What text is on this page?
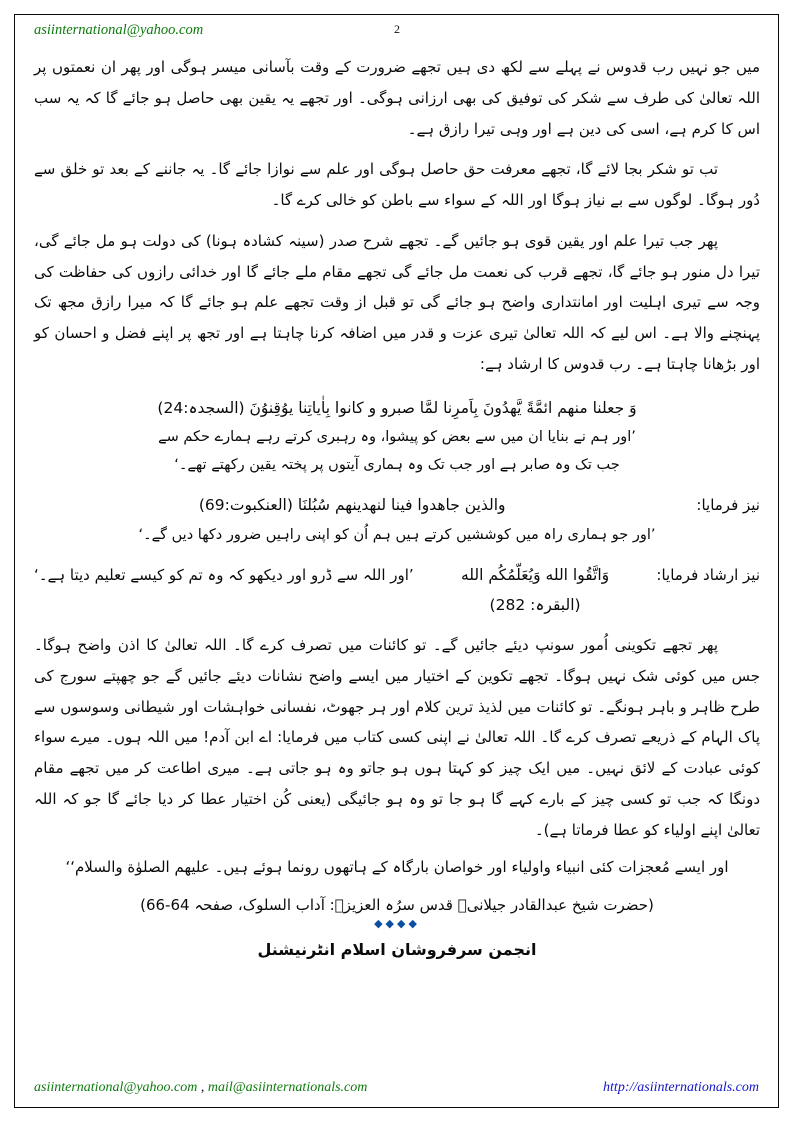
asiinternational@yahoo.com	2

میں جو نہیں رب قدوس نے پہلے سے لکھ دی ہیں تجھے ضرورت کے وقت بآسانی میسر ہوگی اور پھر ان نعمتوں پر اللہ تعالیٰ کی طرف سے شکر کی توفیق کی بھی ارزانی ہوگی۔ اور تجھے یہ یقین بھی حاصل ہو جائے گا کہ یہ سب اس کا کرم ہے، اسی کی دین ہے اور وہی تیرا رازق ہے۔

تب تو شکر بجا لائے گا، تجھے معرفت حق حاصل ہوگی اور علم سے نوازا جائے گا۔ یہ جاننے کے بعد تو خلق سے دُور ہوگا۔ لوگوں سے بے نیاز ہوگا اور اللہ کے سواء سے باطن کو خالی کرے گا۔

پھر جب تیرا علم اور یقین قوی ہو جائیں گے۔ تجھے شرح صدر (سینہ کشادہ ہونا) کی دولت ہو مل جائے گی، تیرا دل منور ہو جائے گا، تجھے قرب کی نعمت مل جائے گی تجھے مقام ملے جائے گا اور خدائی رازوں کی حفاظت کی وجہ سے تیری اہلیت اور امانتداری واضح ہو جائے گی تو قبل از وقت تجھے علم ہو جائے گا کہ میرا رازق مجھ تک پہنچنے والا ہے۔ اس لیے کہ اللہ تعالیٰ تیری عزت و قدر میں اضافہ کرنا چاہتا ہے اور تجھ پر اپنے فضل و احسان کو اور بڑھانا چاہتا ہے۔ رب قدوس کا ارشاد ہے:

وَ جعلنا منھم ائمَّةً یَّھدُونَ بِاَمرِنا لمَّا صبرو و کانوا بِاٰیاتِنا یوُقِنوُنَ (السجدہ:24)
’اور ہم نے بنایا ان میں سے بعض کو پیشوا، وہ رہبری کرتے رہے ہمارے حکم سے
جب تک وہ صابر ہے اور جب تک وہ ہماری آیتوں پر پختہ یقین رکھتے تھے۔‘
نیز فرمایا:
والذین جاھدوا فینا لنھدینھم سُبُلنَا (العنکبوت:69)
’اور جو ہماری راہ میں کوششیں کرتے ہیں ہم اُن کو اپنی راہیں ضرور دکھا دیں گے۔‘
نیز ارشاد فرمایا:
وَاتَّقُوا الله وَیُعَلّمُکُم الله (البقرہ: 282)
’اور اللہ سے ڈرو اور دیکھو کہ وہ تم کو کیسے تعلیم دیتا ہے۔‘

پھر تجھے تکوینی اُمور سونپ دیئے جائیں گے۔ تو کائنات میں تصرف کرے گا۔ اللہ تعالیٰ کا اذن واضح ہوگا۔ جس میں کوئی شک نہیں ہوگا۔ تجھے تکوین کے اختیار میں ایسے واضح نشانات دیئے جائیں گے جو چھپتے سورج کی طرح ظاہر و باہر ہونگے۔ تو کائنات میں لذیذ ترین کلام اور ہر جھوٹ، نفسانی خواہشات اور شیطانی وسوسوں سے پاک الہام کے ذریعے تصرف کرے گا۔ اللہ تعالیٰ نے اپنی کسی کتاب میں فرمایا: اے ابن آدم! میں اللہ ہوں۔ میرے سواء کوئی عبادت کے لائق نہیں۔ میں ایک چیز کو کہتا ہوں ہو جاتو وہ ہو جاتی ہے۔ میری اطاعت کر میں تجھے مقام دونگا کہ جب تو کسی چیز کے بارے کہے گا ہو جا تو وہ ہو جائیگی (یعنی کُن اختیار عطا کر دیا جائے گا جو کہ اللہ تعالیٰ اپنے اولیاء کو عطا فرماتا ہے)۔

اور ایسے مُعجزات کئی انبیاء واولیاء اور خواصان بارگاہ کے ہاتھوں رونما ہوئے ہیں۔ علیھم الصلوٰة والسلام‘‘
(حضرت شیخ عبدالقادر جیلانیؒ قدس سرُہ العزیزؒ: آداب السلوک، صفحہ 64-66)
◆◆◆◆
انجمن سرفروشان اسلام انٹرنیشنل
asiinternational@yahoo.com , mail@asiinternationals.com	http://asiinternationals.com
